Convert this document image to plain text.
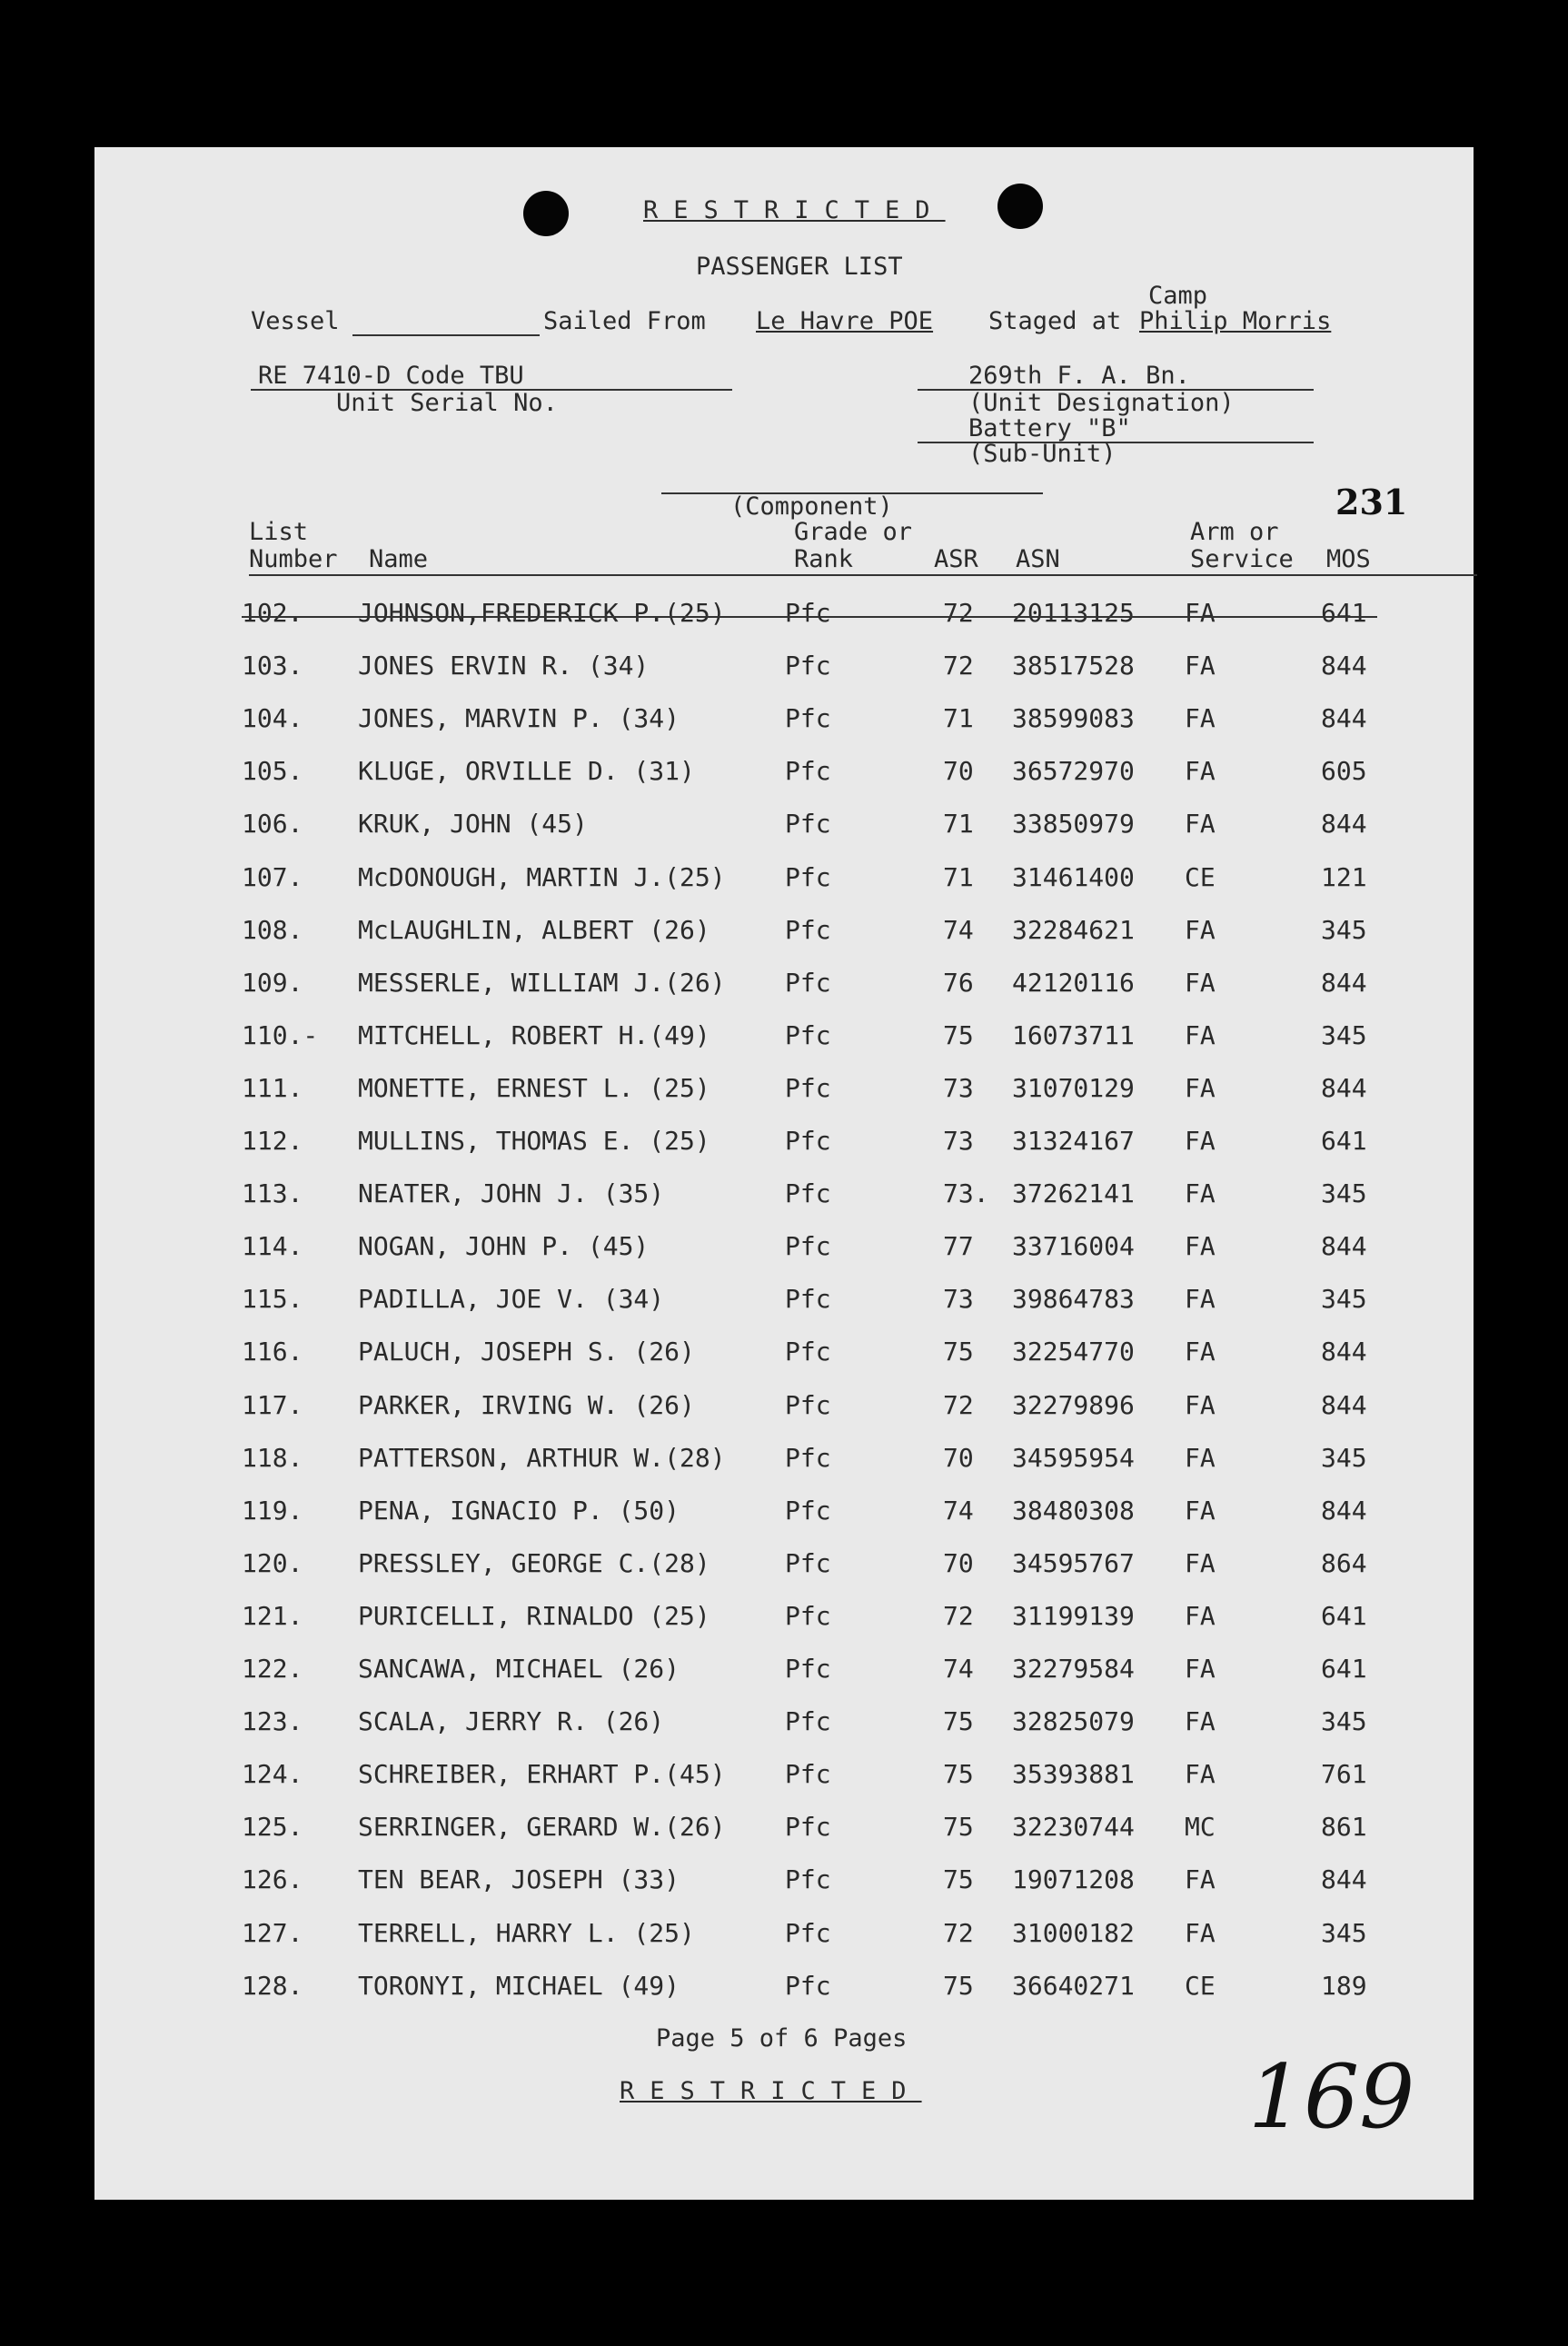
RESTRICTED
PASSENGER LIST
Camp
Vessel	Sailed From Le Havre POE Staged at Philip Morris
RE 7410-D Code TBU
Unit Serial No.
269th F. A. Bn.
(Unit Designation)
Battery "B"
(Sub-Unit)
(Component)	231
List
Number Name
Grade or
Rank	ASR ASN
Arm or
Service MOS
102. JOHNSON,FREDERICK P.(25) Pfc	72 20113125 FA	641
103. JONES ERVIN R. (34)	Pfc	72 38517528 FA	844
104. JONES, MARVIN P. (34)	Pfc	71 38599083 FA	844
105. KLUGE, ORVILLE D. (31)	Pfc	70 36572970 FA	605
106. KRUK, JOHN (45)	Pfc	71 33850979 FA	844
107. McDONOUGH, MARTIN J.(25) Pfc	71 31461400 CE	121
108. McLAUGHLIN, ALBERT (26)	Pfc	74 32284621 FA	345
109. MESSERLE, WILLIAM J.(26) Pfc	76 42120116 FA	844
110.- MITCHELL, ROBERT H.(49)	Pfc	75 16073711 FA	345
111. MONETTE, ERNEST L. (25)	Pfc	73 31070129 FA	844
112. MULLINS, THOMAS E. (25)	Pfc	73 31324167 FA	641
113. NEATER, JOHN J. (35)	Pfc	73. 37262141 FA	345
114. NOGAN, JOHN P. (45)	Pfc	77 33716004 FA	844
115. PADILLA, JOE V. (34)	Pfc	73 39864783 FA	345
116. PALUCH, JOSEPH S. (26)	Pfc	75 32254770 FA	844
117. PARKER, IRVING W. (26)	Pfc	72 32279896 FA	844
118. PATTERSON, ARTHUR W.(28) Pfc	70 34595954 FA	345
119. PENA, IGNACIO P. (50)	Pfc	74 38480308 FA	844
120. PRESSLEY, GEORGE C.(28)	Pfc	70 34595767 FA	864
121. PURICELLI, RINALDO (25)	Pfc	72 31199139 FA	641
122. SANCAWA, MICHAEL (26)	Pfc	74 32279584 FA	641
123. SCALA, JERRY R. (26)	Pfc	75 32825079 FA	345
124. SCHREIBER, ERHART P.(45) Pfc	75 35393881 FA	761
125. SERRINGER, GERARD W.(26) Pfc	75 32230744 MC	861
126. TEN BEAR, JOSEPH (33)	Pfc	75 19071208 FA	844
127. TERRELL, HARRY L. (25)	Pfc	72 31000182 FA	345
128. TORONYI, MICHAEL (49)	Pfc	75 36640271 CE	189
Page 5 of 6 Pages
RESTRICTED	169
